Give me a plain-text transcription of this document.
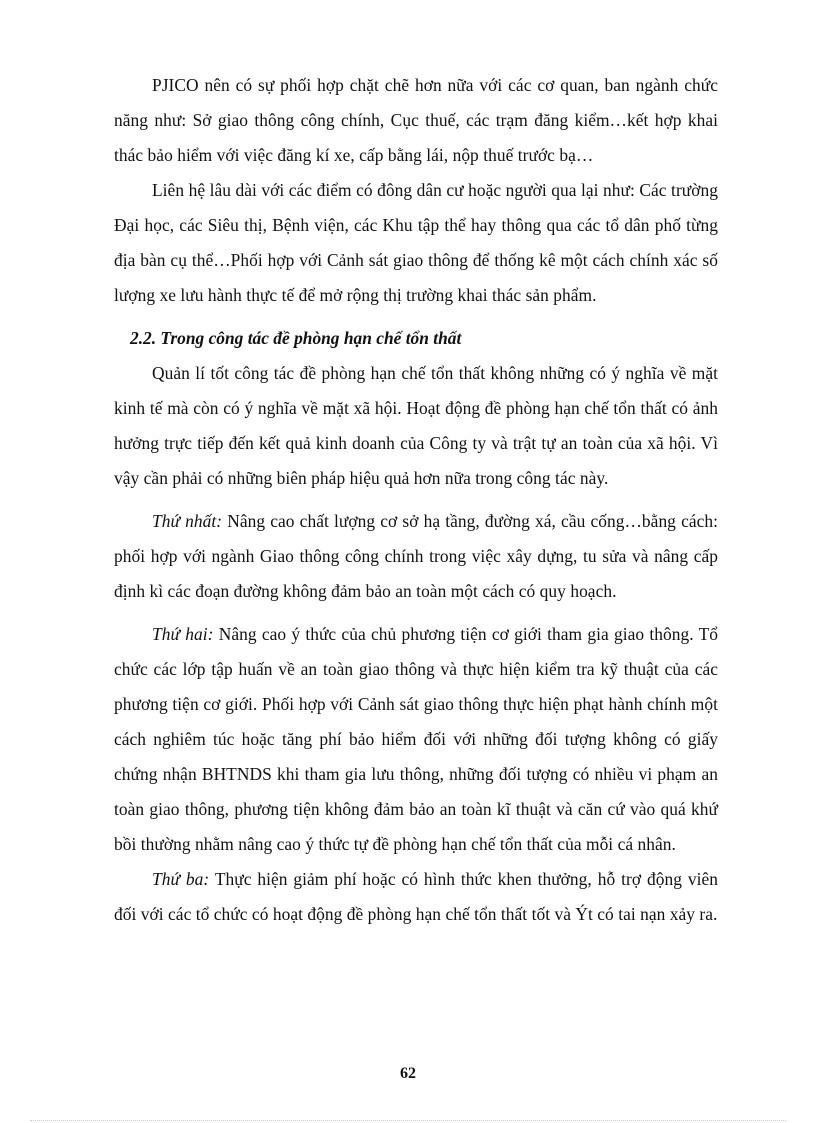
PJICO nên có sự phối hợp chặt chẽ hơn nữa với các cơ quan, ban ngành chức năng như: Sở giao thông công chính, Cục thuế, các trạm đăng kiểm…kết hợp khai thác bảo hiểm với việc đăng kí xe, cấp bằng lái, nộp thuế trước bạ…

Liên hệ lâu dài với các điểm có đông dân cư hoặc người qua lại như: Các trường Đại học, các Siêu thị, Bệnh viện, các Khu tập thể hay thông qua các tổ dân phố từng địa bàn cụ thể…Phối hợp với Cảnh sát giao thông để thống kê một cách chính xác số lượng xe lưu hành thực tế để mở rộng thị trường khai thác sản phẩm.

2.2. Trong công tác đề phòng hạn chế tổn thất

Quản lí tốt công tác đề phòng hạn chế tổn thất không những có ý nghĩa về mặt kinh tế mà còn có ý nghĩa về mặt xã hội. Hoạt động đề phòng hạn chế tổn thất có ảnh hưởng trực tiếp đến kết quả kinh doanh của Công ty và trật tự an toàn của xã hội. Vì vậy cần phải có những biên pháp hiệu quả hơn nữa trong công tác này.

Thứ nhất: Nâng cao chất lượng cơ sở hạ tầng, đường xá, cầu cống…bằng cách: phối hợp với ngành Giao thông công chính trong việc xây dựng, tu sửa và nâng cấp định kì các đoạn đường không đảm bảo an toàn một cách có quy hoạch.

Thứ hai: Nâng cao ý thức của chủ phương tiện cơ giới tham gia giao thông. Tổ chức các lớp tập huấn về an toàn giao thông và thực hiện kiểm tra kỹ thuật của các phương tiện cơ giới. Phối hợp với Cảnh sát giao thông thực hiện phạt hành chính một cách nghiêm túc hoặc tăng phí bảo hiểm đối với những đối tượng không có giấy chứng nhận BHTNDS khi tham gia lưu thông, những đối tượng có nhiều vi phạm an toàn giao thông, phương tiện không đảm bảo an toàn kĩ thuật và căn cứ vào quá khứ bồi thường nhằm nâng cao ý thức tự đề phòng hạn chế tổn thất của mỗi cá nhân.

Thứ ba: Thực hiện giảm phí hoặc có hình thức khen thưởng, hỗ trợ động viên đối với các tổ chức có hoạt động đề phòng hạn chế tổn thất tốt và Ýt có tai nạn xảy ra.

62
